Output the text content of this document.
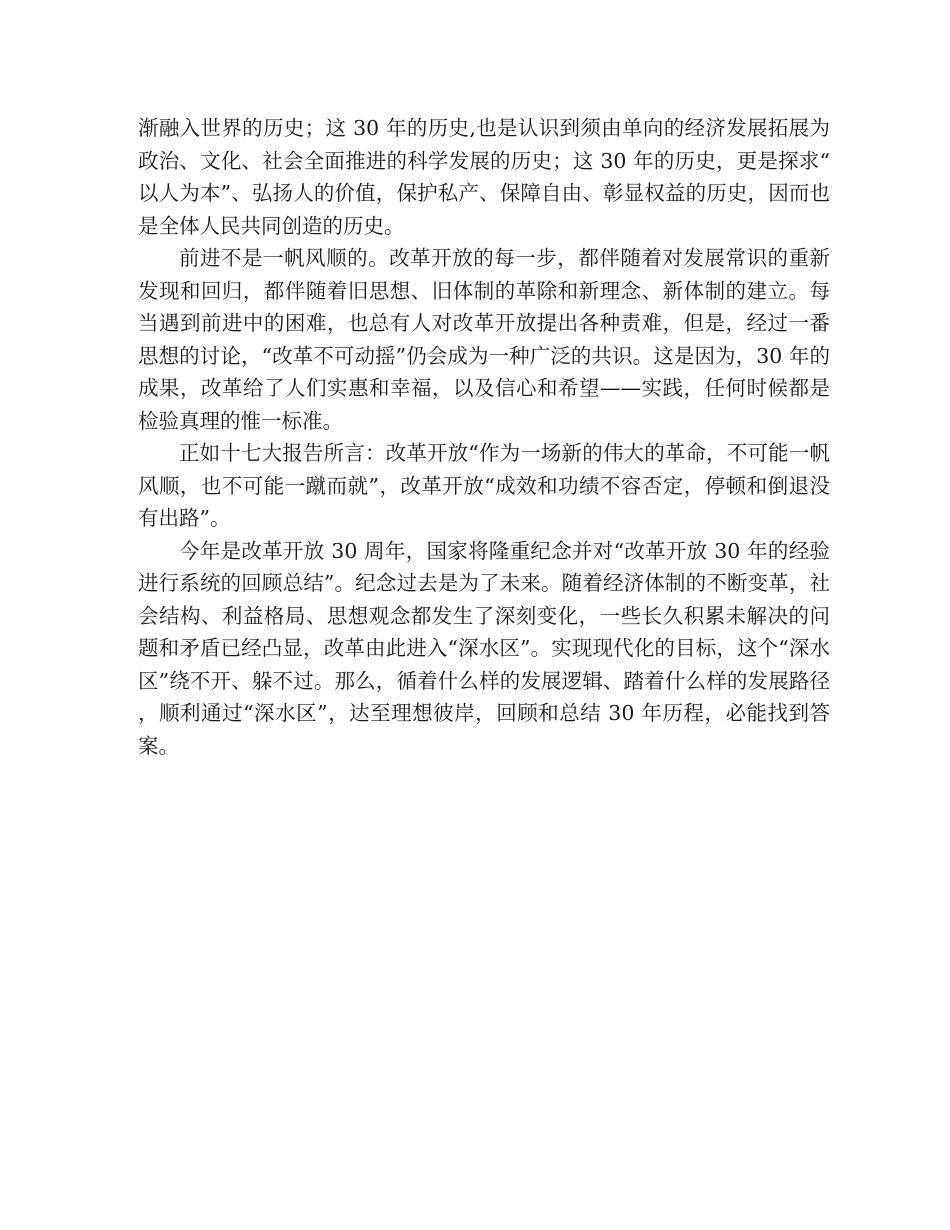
渐融入世界的历史；这 30 年的历史,也是认识到须由单向的经济发展拓展为政治、文化、社会全面推进的科学发展的历史；这 30 年的历史，更是探求“以人为本”、弘扬人的价值，保护私产、保障自由、彰显权益的历史，因而也是全体人民共同创造的历史。

前进不是一帆风顺的。改革开放的每一步，都伴随着对发展常识的重新发现和回归，都伴随着旧思想、旧体制的革除和新理念、新体制的建立。每当遇到前进中的困难，也总有人对改革开放提出各种责难，但是，经过一番思想的讨论，“改革不可动摇”仍会成为一种广泛的共识。这是因为，30 年的成果，改革给了人们实惠和幸福，以及信心和希望——实践，任何时候都是检验真理的惟一标准。

正如十七大报告所言：改革开放“作为一场新的伟大的革命，不可能一帆风顺，也不可能一蹴而就”，改革开放“成效和功绩不容否定，停顿和倒退没有出路”。

今年是改革开放 30 周年，国家将隆重纪念并对“改革开放 30 年的经验进行系统的回顾总结”。纪念过去是为了未来。随着经济体制的不断变革，社会结构、利益格局、思想观念都发生了深刻变化，一些长久积累未解决的问题和矛盾已经凸显，改革由此进入“深水区”。实现现代化的目标，这个“深水区”绕不开、躲不过。那么，循着什么样的发展逻辑、踏着什么样的发展路径，顺利通过“深水区”，达至理想彼岸，回顾和总结 30 年历程，必能找到答案。
